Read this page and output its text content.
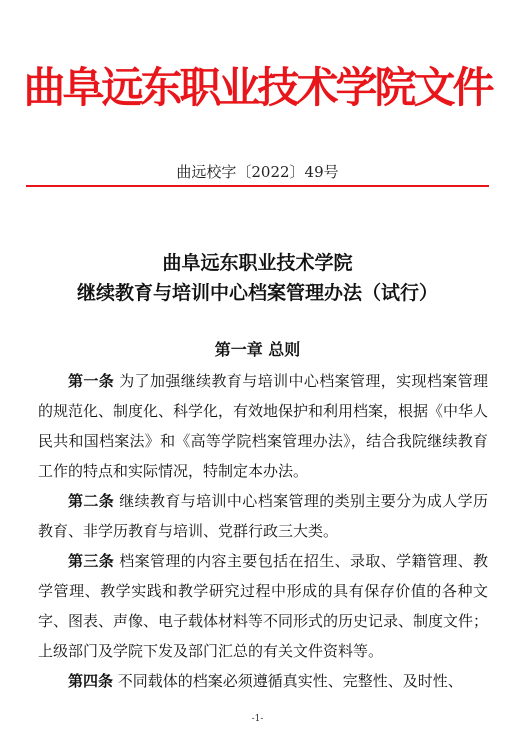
曲阜远东职业技术学院文件
曲远校字〔2022〕49号
曲阜远东职业技术学院
继续教育与培训中心档案管理办法（试行）
第一章 总则

第一条 为了加强继续教育与培训中心档案管理，实现档案管理的规范化、制度化、科学化，有效地保护和利用档案，根据《中华人民共和国档案法》和《高等学院档案管理办法》，结合我院继续教育工作的特点和实际情况，特制定本办法。

第二条 继续教育与培训中心档案管理的类别主要分为成人学历教育、非学历教育与培训、党群行政三大类。

第三条 档案管理的内容主要包括在招生、录取、学籍管理、教学管理、教学实践和教学研究过程中形成的具有保存价值的各种文字、图表、声像、电子载体材料等不同形式的历史记录、制度文件；上级部门及学院下发及部门汇总的有关文件资料等。

第四条 不同载体的档案必须遵循真实性、完整性、及时性、

-1-
